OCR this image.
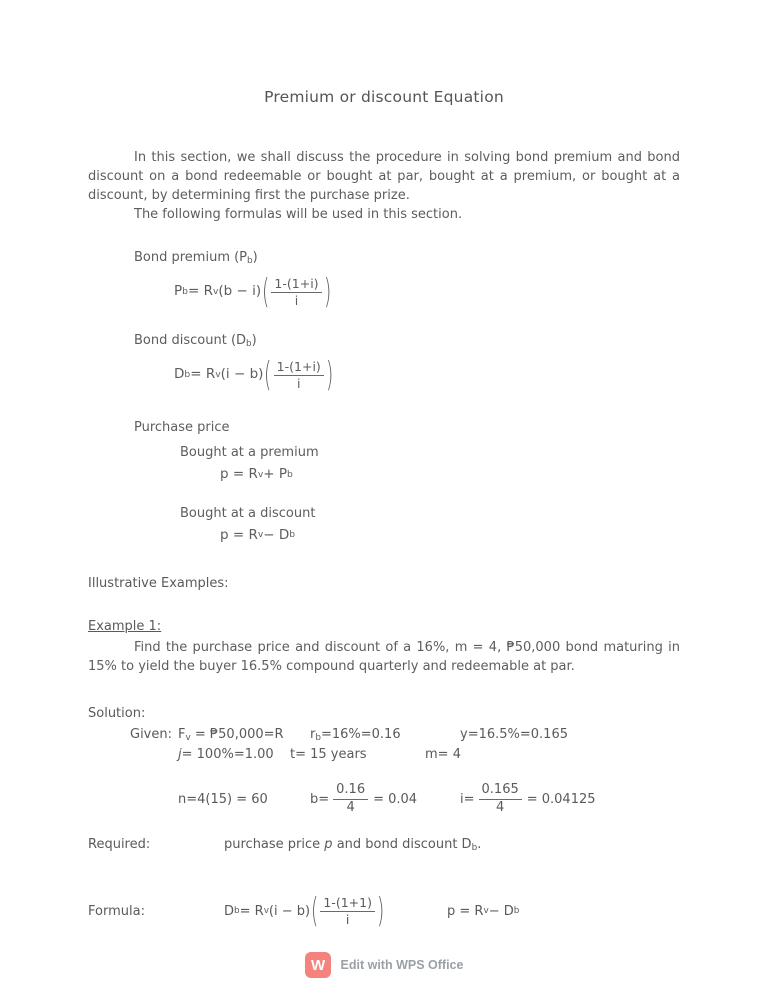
Premium or discount Equation
In this section, we shall discuss the procedure in solving bond premium and bond discount on a bond redeemable or bought at par, bought at a premium, or bought at a discount, by determining first the purchase prize.
The following formulas will be used in this section.
Bond premium $(P_b)$
P b = R v (b − i) ( $\frac{1-(1+i)}{i}$ )
Bond discount $(D_b)$
D b = R v (i − b) ( $\frac{1-(1+i)}{i}$ )
Purchase price
Bought at a premium
p = R v + P b
Bought at a discount
p = R v − D b
Illustrative Examples:
Example 1:
Find the purchase price and discount of a 16%, m = 4, ₱50,000 bond maturing in 15% to yield the buyer 16.5% compound quarterly and redeemable at par.
Solution:
Given: $F_v$ = ₱50,000=R	$r_b=16\%=0.16$	y=16.5%=0.165
j= 100%=1.00	t= 15 years	m= 4
n=4(15) = 60	$b= \frac{0.16}{4} = 0.04$	$i= \frac{0.165}{4} = 0.04125$
Required:	purchase price p and bond discount $D_b$.
Formula:	D b = R v (i − b) ( $\frac{1-(1+1)}{i}$ )	p = R v − D b
W	Edit with WPS Office
